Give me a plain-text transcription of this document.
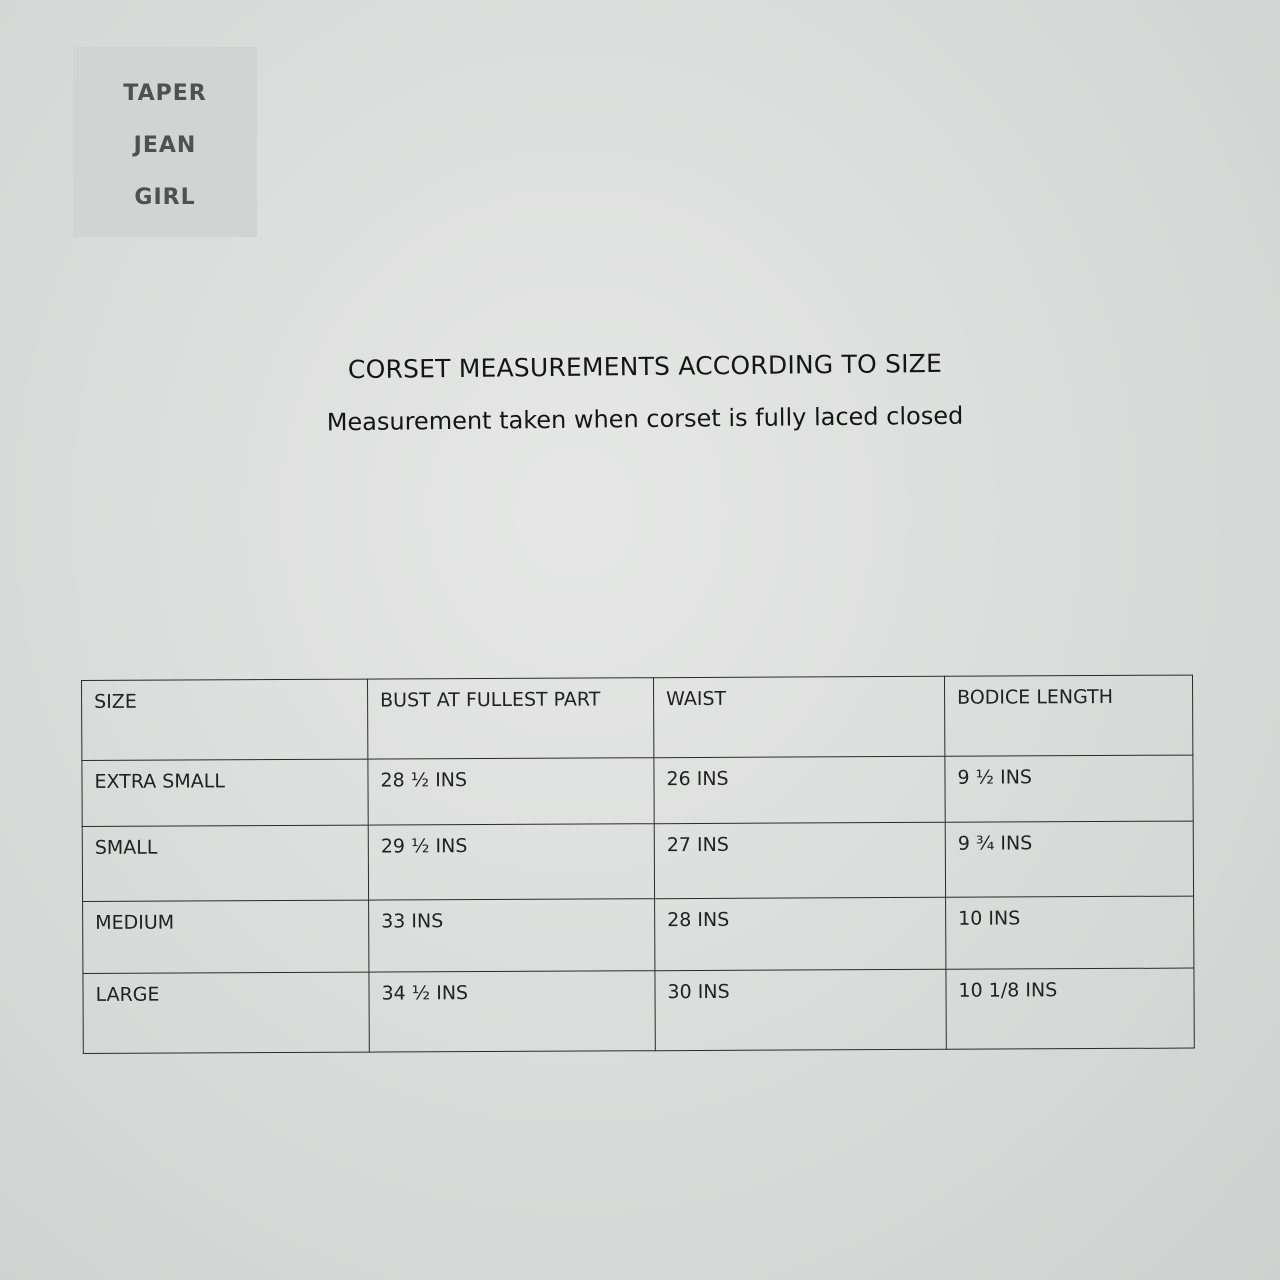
taper
jean
girl
CORSET MEASUREMENTS ACCORDING TO SIZE
Measurement taken when corset is fully laced closed
SIZE	BUST AT FULLEST PART	WAIST	BODICE LENGTH
EXTRA SMALL	28 ½ INS	26 INS	9 ½ INS
SMALL	29 ½ INS	27 INS	9 ¾ INS
MEDIUM	33 INS	28 INS	10 INS
LARGE	34 ½ INS	30 INS	10 1/8 INS
